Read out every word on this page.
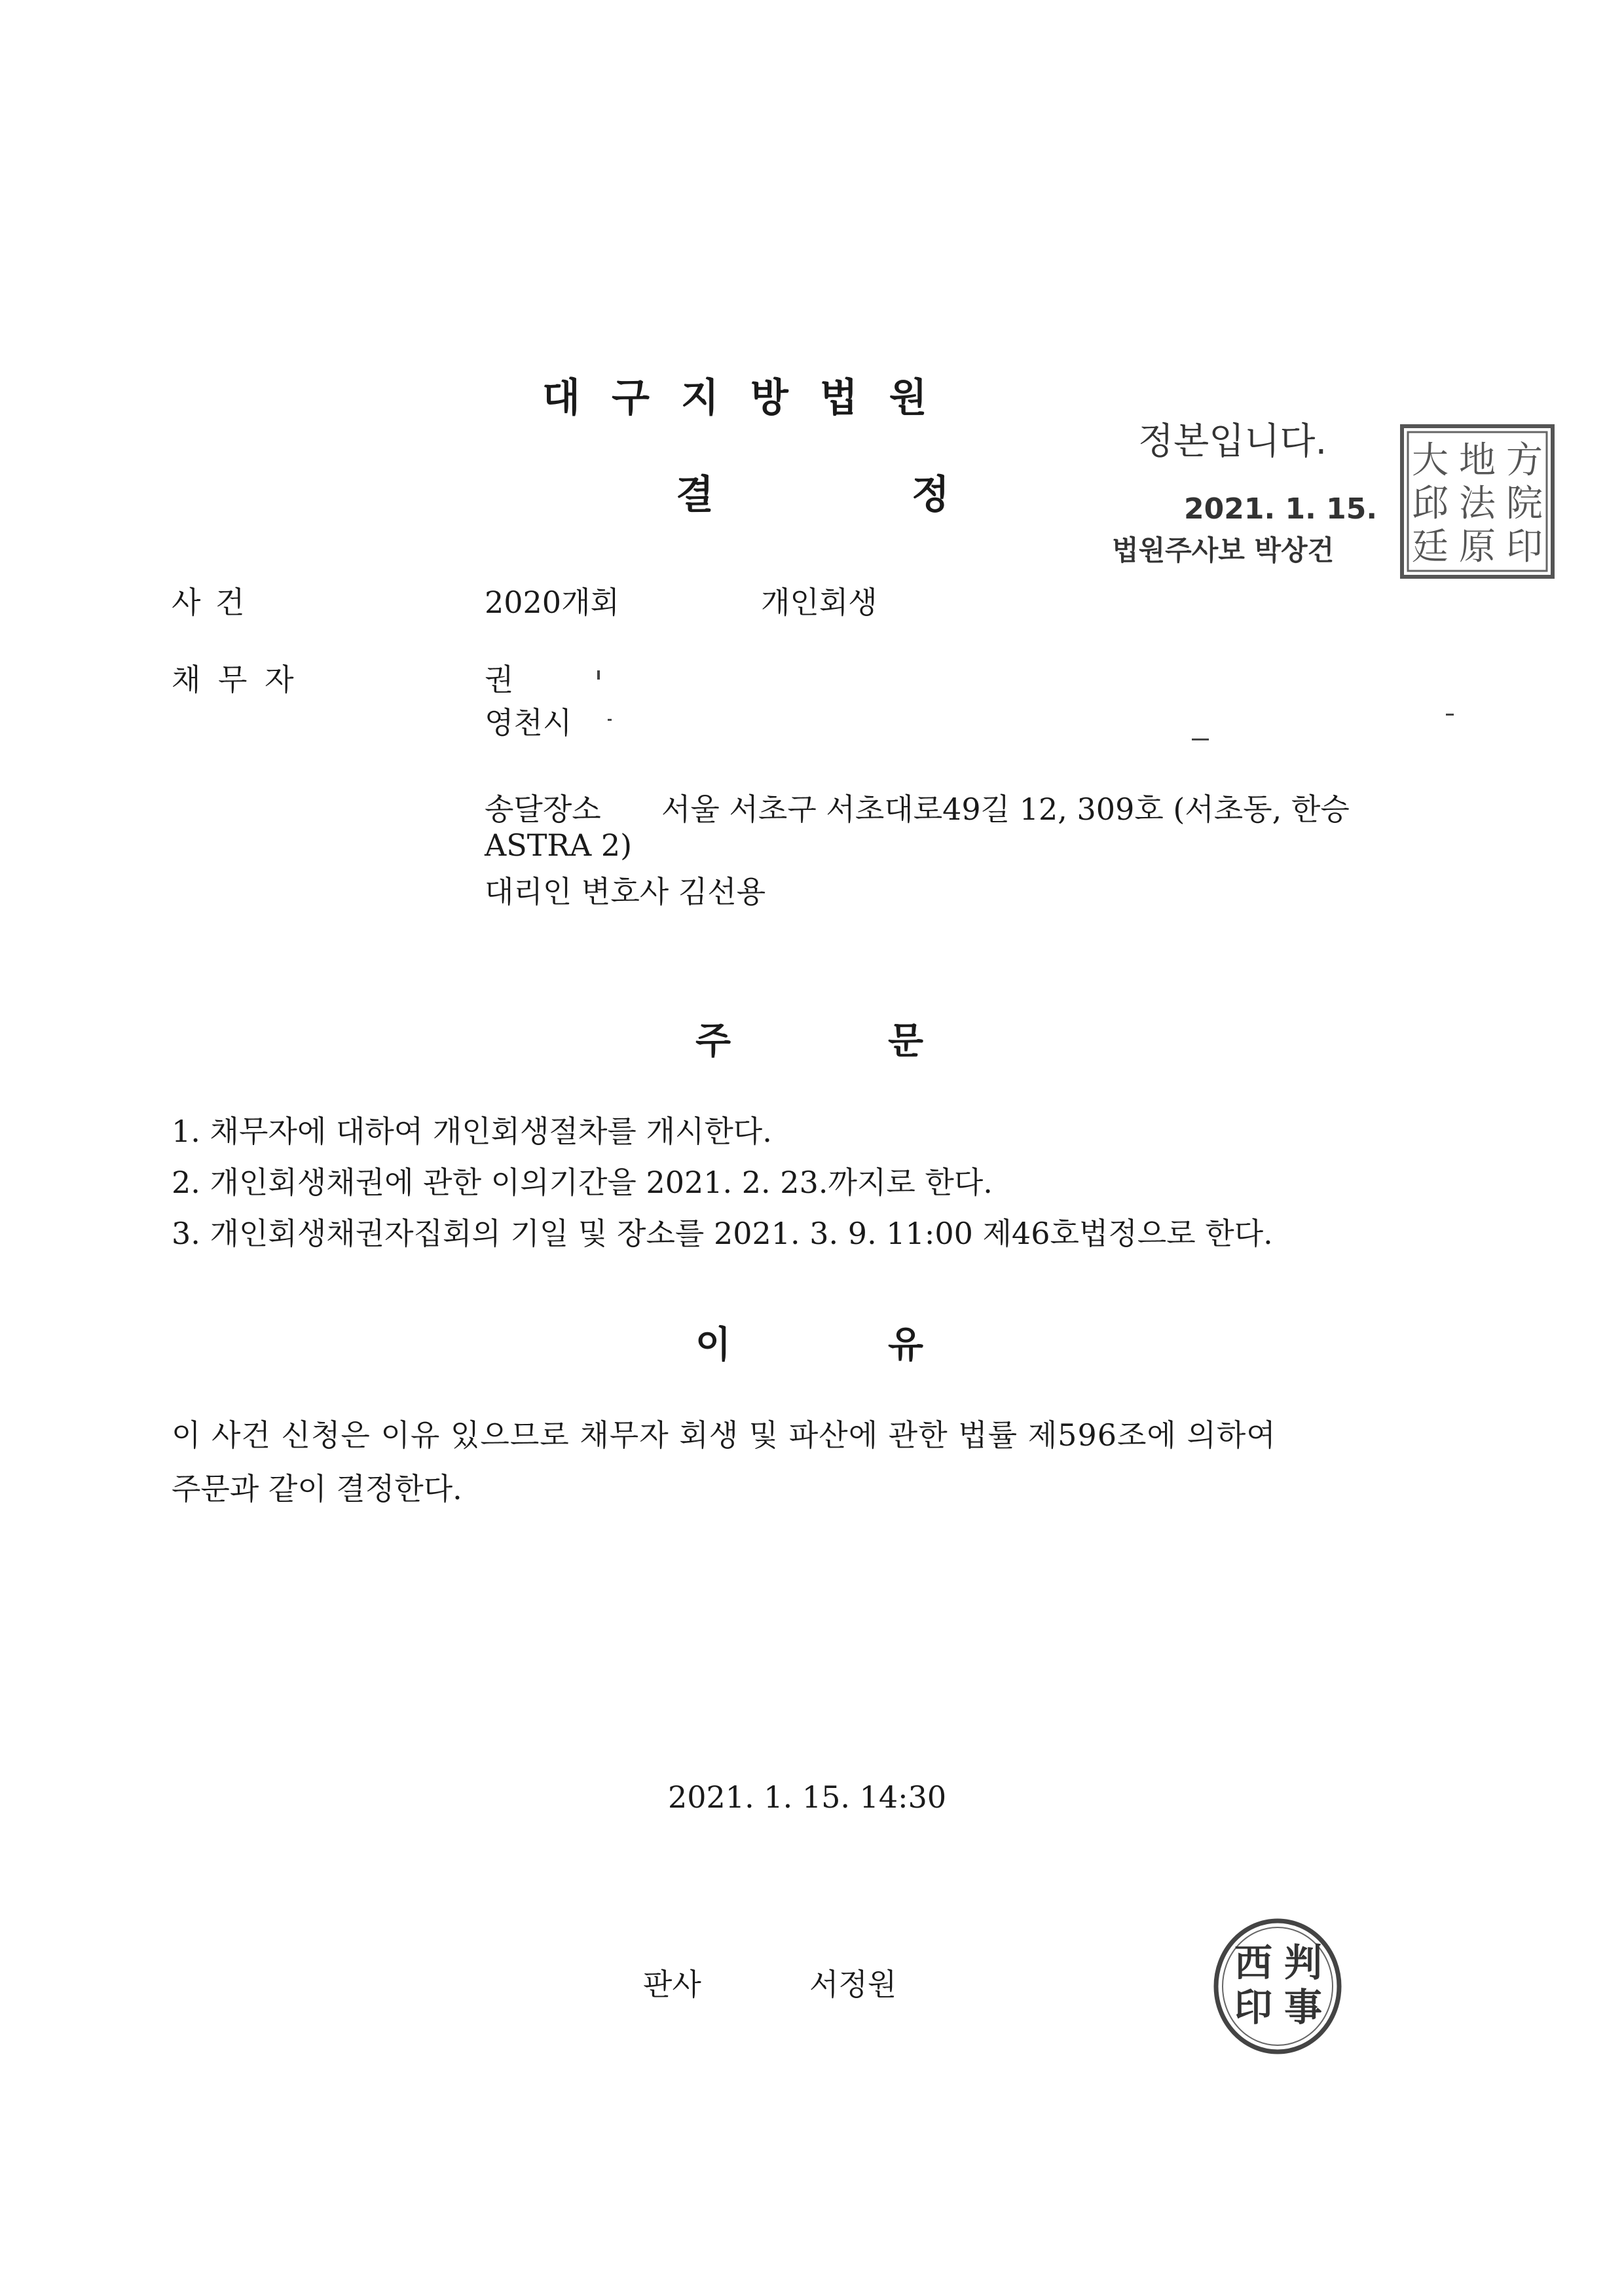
대구지방법원
결	정
정본입니다.
2021. 1. 15.
법원주사보 박상건
方
院
印
地
法
原
大
邱
廷
사 건	2020개회	개인회생
채 무 자	권
영천시
송달장소 서울 서초구 서초대로49길 12, 309호 (서초동, 한승
ASTRA 2)
대리인 변호사 김선용
주	문
1. 채무자에 대하여 개인회생절차를 개시한다.
2. 개인회생채권에 관한 이의기간을 2021. 2. 23.까지로 한다.
3. 개인회생채권자집회의 기일 및 장소를 2021. 3. 9. 11:00 제46호법정으로 한다.
이	유
이 사건 신청은 이유 있으므로 채무자 회생 및 파산에 관한 법률 제596조에 의하여
주문과 같이 결정한다.
2021. 1. 15. 14:30
판사	서정원	判
事
西
印
